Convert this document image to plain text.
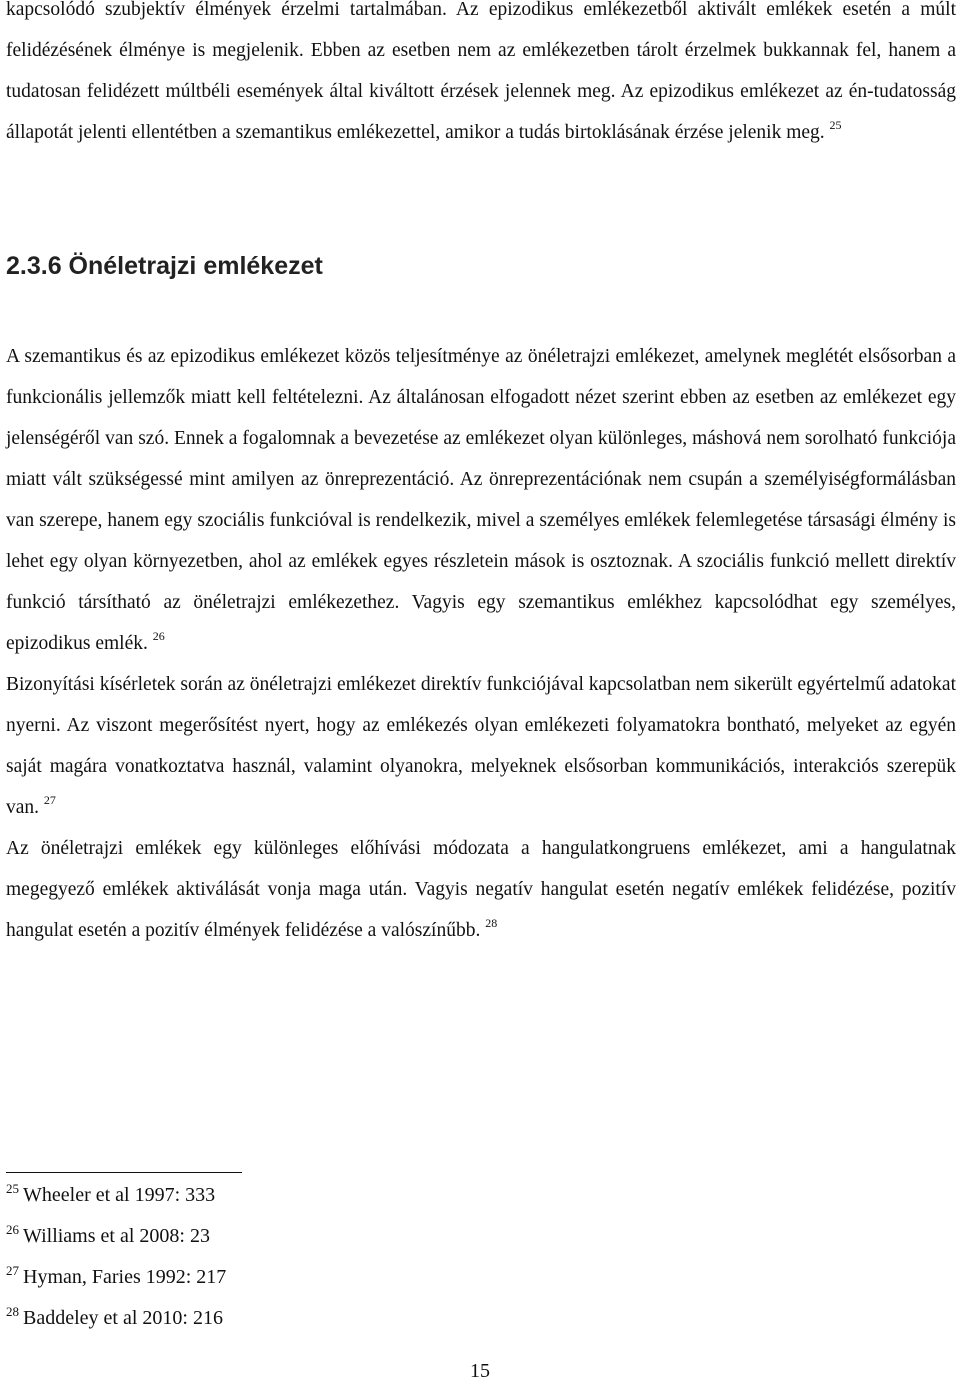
kapcsolódó szubjektív élmények érzelmi tartalmában. Az epizodikus emlékezetből aktivált emlékek esetén a múlt felidézésének élménye is megjelenik. Ebben az esetben nem az emlékezetben tárolt érzelmek bukkannak fel, hanem a tudatosan felidézett múltbéli események által kiváltott érzések jelennek meg. Az epizodikus emlékezet az én-tudatosság állapotát jelenti ellentétben a szemantikus emlékezettel, amikor a tudás birtoklásának érzése jelenik meg. $^{25}$

2.3.6 Önéletrajzi emlékezet

A szemantikus és az epizodikus emlékezet közös teljesítménye az önéletrajzi emlékezet, amelynek meglétét elsősorban a funkcionális jellemzők miatt kell feltételezni. Az általánosan elfogadott nézet szerint ebben az esetben az emlékezet egy jelenségéről van szó. Ennek a fogalomnak a bevezetése az emlékezet olyan különleges, máshová nem sorolható funkciója miatt vált szükségessé mint amilyen az önreprezentáció. Az önreprezentációnak nem csupán a személyiségformálásban van szerepe, hanem egy szociális funkcióval is rendelkezik, mivel a személyes emlékek felemlegetése társasági élmény is lehet egy olyan környezetben, ahol az emlékek egyes részletein mások is osztoznak. A szociális funkció mellett direktív funkció társítható az önéletrajzi emlékezethez. Vagyis egy szemantikus emlékhez kapcsolódhat egy személyes, epizodikus emlék. $^{26}$
Bizonyítási kísérletek során az önéletrajzi emlékezet direktív funkciójával kapcsolatban nem sikerült egyértelmű adatokat nyerni. Az viszont megerősítést nyert, hogy az emlékezés olyan emlékezeti folyamatokra bontható, melyeket az egyén saját magára vonatkoztatva használ, valamint olyanokra, melyeknek elsősorban kommunikációs, interakciós szerepük van. $^{27}$
Az önéletrajzi emlékek egy különleges előhívási módozata a hangulatkongruens emlékezet, ami a hangulatnak megegyező emlékek aktiválását vonja maga után. Vagyis negatív hangulat esetén negatív emlékek felidézése, pozitív hangulat esetén a pozitív élmények felidézése a valószínűbb. $^{28}$

$^{25}$ Wheeler et al 1997: 333
$^{26}$ Williams et al 2008: 23
$^{27}$ Hyman, Faries 1992: 217
$^{28}$ Baddeley et al 2010: 216
15
